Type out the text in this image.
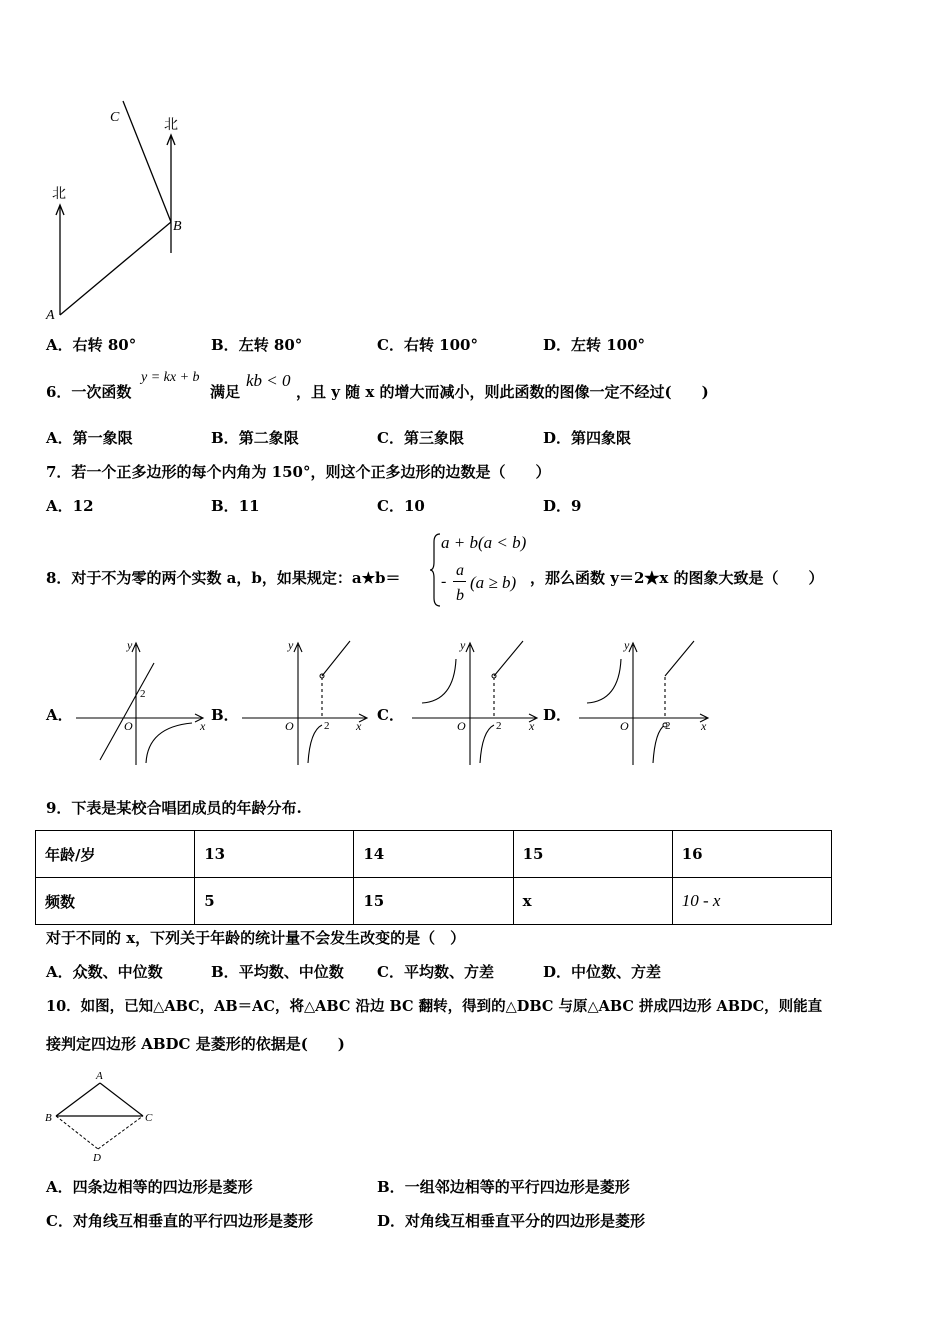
C
B
A
北
北
A．右转 80°	B．左转 80°	C．右转 100°	D．左转 100°
6．一次函数
y = kx + b
满足
kb < 0
，且 y 随 x 的增大而减小，则此函数的图像一定不经过(　　)
A．第一象限	B．第二象限	C．第三象限	D．第四象限
7．若一个正多边形的每个内角为 150°，则这个正多边形的边数是（　　）
A．12	B．11	C．10	D．9
8．对于不为零的两个实数 a，b，如果规定：a★b＝
a + b(a < b)
-
a
b
(a ≥ b) ，那么函数 y＝2★x 的图象大致是（　　）
A．	B．	C．	D．
y
x
O
2
y
x
O	2
y
x
O	2
y
x
O	2
9．下表是某校合唱团成员的年龄分布.
年龄/岁	13	14	15	16
频数	5	15	x	10 - x
对于不同的 x，下列关于年龄的统计量不会发生改变的是（　）
A．众数、中位数	B．平均数、中位数 C．平均数、方差	D．中位数、方差
10．如图，已知△ABC，AB＝AC，将△ABC 沿边 BC 翻转，得到的△DBC 与原△ABC 拼成四边形 ABDC，则能直
接判定四边形 ABDC 是菱形的依据是(　　)
A
B	C
D
A．四条边相等的四边形是菱形	B．一组邻边相等的平行四边形是菱形
C．对角线互相垂直的平行四边形是菱形	D．对角线互相垂直平分的四边形是菱形
